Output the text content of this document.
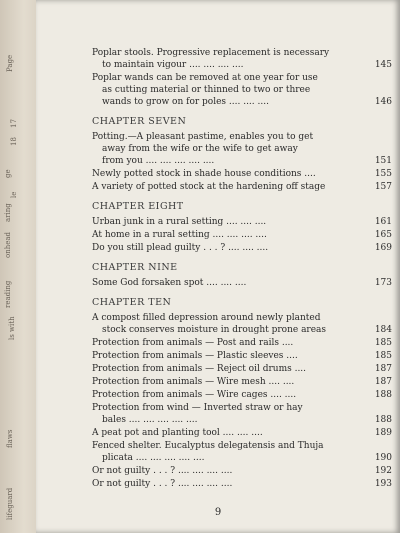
Page
17
18
ge
le
aring
onhead
reading
ls with
flaws
lifeguard
Poplar stools. Progressive replacement is necessary
to maintain vigour .... .... .... ....	145
Poplar wands can be removed at one year for use
as cutting material or thinned to two or three
wands to grow on for poles .... .... ....	146
CHAPTER SEVEN
Potting.—A pleasant pastime, enables you to get
away from the wife or the wife to get away
from you .... .... .... .... ....	151
Newly potted stock in shade house conditions ....	155
A variety of potted stock at the hardening off stage	157
CHAPTER EIGHT
Urban junk in a rural setting .... .... ....	161
At home in a rural setting .... .... .... ....	165
Do you still plead guilty . . . ? .... .... ....	169
CHAPTER NINE
Some God forsaken spot .... .... ....	173
CHAPTER TEN
A compost filled depression around newly planted
stock conserves moisture in drought prone areas	184
Protection from animals — Post and rails ....	185
Protection from animals — Plastic sleeves ....	185
Protection from animals — Reject oil drums ....	187
Protection from animals — Wire mesh .... ....	187
Protection from animals — Wire cages .... ....	188
Protection from wind — Inverted straw or hay
bales .... .... .... .... ....	188
A peat pot and planting tool .... .... ....	189
Fenced shelter. Eucalyptus delegatensis and Thuja
plicata .... .... .... .... ....	190
Or not guilty . . . ? .... .... .... ....	192
Or not guilty . . . ? .... .... .... ....	193
9
